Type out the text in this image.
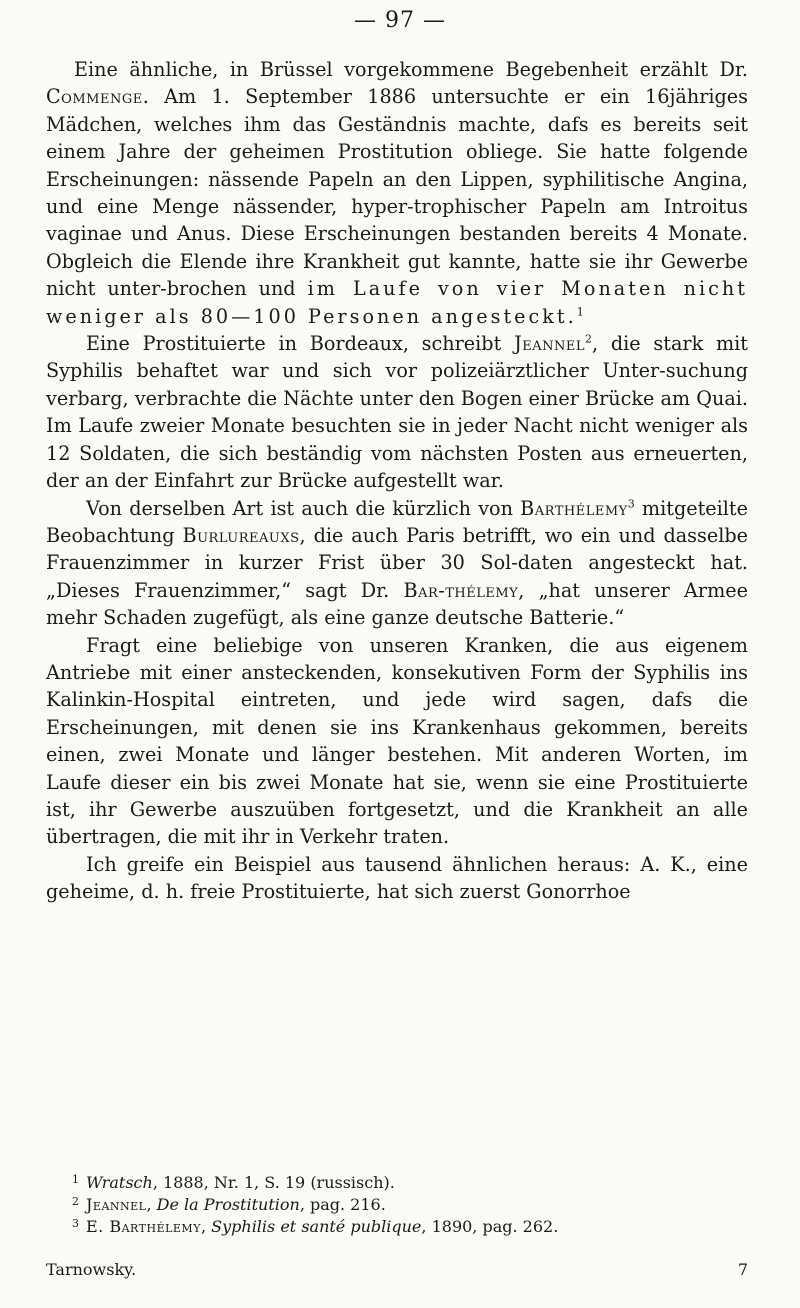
— 97 —

Eine ähnliche, in Brüssel vorgekommene Begebenheit erzählt Dr. Commenge. Am 1. September 1886 untersuchte er ein 16jähriges Mädchen, welches ihm das Geständnis machte, dafs es bereits seit einem Jahre der geheimen Prostitution obliege. Sie hatte folgende Erscheinungen: nässende Papeln an den Lippen, syphilitische Angina, und eine Menge nässender, hyper-trophischer Papeln am Introitus vaginae und Anus. Diese Erscheinungen bestanden bereits 4 Monate. Obgleich die Elende ihre Krankheit gut kannte, hatte sie ihr Gewerbe nicht unter-brochen und im Laufe von vier Monaten nicht weniger als 80—100 Personen angesteckt.$^1$

Eine Prostituierte in Bordeaux, schreibt Jeannel$^2$, die stark mit Syphilis behaftet war und sich vor polizeiärztlicher Unter-suchung verbarg, verbrachte die Nächte unter den Bogen einer Brücke am Quai. Im Laufe zweier Monate besuchten sie in jeder Nacht nicht weniger als 12 Soldaten, die sich beständig vom nächsten Posten aus erneuerten, der an der Einfahrt zur Brücke aufgestellt war.

Von derselben Art ist auch die kürzlich von Barthélemy$^3$ mitgeteilte Beobachtung Burlureauxs, die auch Paris betrifft, wo ein und dasselbe Frauenzimmer in kurzer Frist über 30 Sol-daten angesteckt hat. „Dieses Frauenzimmer,“ sagt Dr. Bar-thélemy, „hat unserer Armee mehr Schaden zugefügt, als eine ganze deutsche Batterie.“

Fragt eine beliebige von unseren Kranken, die aus eigenem Antriebe mit einer ansteckenden, konsekutiven Form der Syphilis ins Kalinkin-Hospital eintreten, und jede wird sagen, dafs die Erscheinungen, mit denen sie ins Krankenhaus gekommen, bereits einen, zwei Monate und länger bestehen. Mit anderen Worten, im Laufe dieser ein bis zwei Monate hat sie, wenn sie eine Prostituierte ist, ihr Gewerbe auszuüben fortgesetzt, und die Krankheit an alle übertragen, die mit ihr in Verkehr traten.

Ich greife ein Beispiel aus tausend ähnlichen heraus: A. K., eine geheime, d. h. freie Prostituierte, hat sich zuerst Gonorrhoe

1 Wratsch, 1888, Nr. 1, S. 19 (russisch).

2 Jeannel, De la Prostitution, pag. 216.

3 E. Barthélemy, Syphilis et santé publique, 1890, pag. 262.

Tarnowsky.	7
